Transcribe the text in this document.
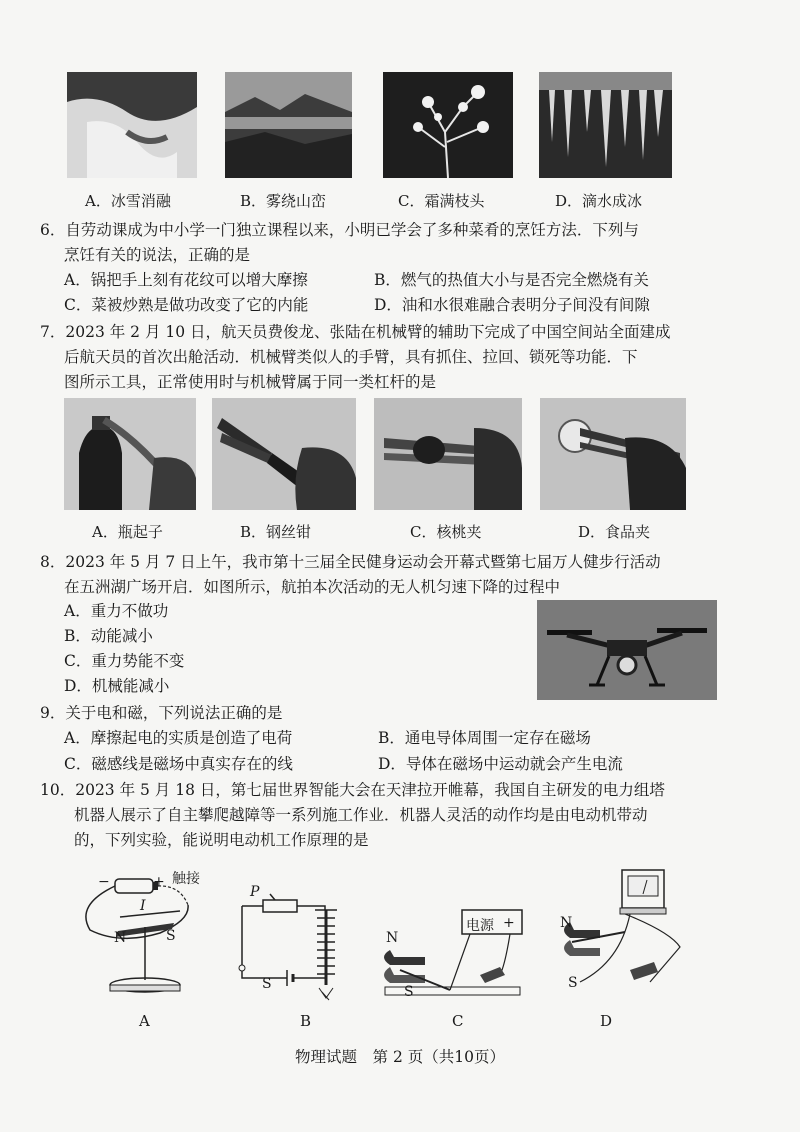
A．冰雪消融	B．雾绕山峦	C．霜满枝头	D．滴水成冰
6．自劳动课成为中小学一门独立课程以来，小明已学会了多种菜肴的烹饪方法．下列与
烹饪有关的说法，正确的是
A．锅把手上刻有花纹可以增大摩擦	B．燃气的热值大小与是否完全燃烧有关
C．菜被炒熟是做功改变了它的内能	D．油和水很难融合表明分子间没有间隙
7．2023 年 2 月 10 日，航天员费俊龙、张陆在机械臂的辅助下完成了中国空间站全面建成
后航天员的首次出舱活动．机械臂类似人的手臂，具有抓住、拉回、锁死等功能．下
图所示工具，正常使用时与机械臂属于同一类杠杆的是
A．瓶起子	B．钢丝钳	C．核桃夹	D．食品夹
8．2023 年 5 月 7 日上午，我市第十三届全民健身运动会开幕式暨第七届万人健步行活动
在五洲湖广场开启．如图所示，航拍本次活动的无人机匀速下降的过程中
A．重力不做功
B．动能减小
C．重力势能不变
D．机械能减小
9．关于电和磁，下列说法正确的是
A．摩擦起电的实质是创造了电荷	B．通电导体周围一定存在磁场
C．磁感线是磁场中真实存在的线	D．导体在磁场中运动就会产生电流
10．2023 年 5 月 18 日，第七届世界智能大会在天津拉开帷幕，我国自主研发的电力组塔
机器人展示了自主攀爬越障等一系列施工作业．机器人灵活的动作均是由电动机带动
的，下列实验，能说明电动机工作原理的是
触接
I
N	S
−	+
P
S
N
S
电源 +	N
S
A	B	C	D
物理试题　第 2 页（共10页）
